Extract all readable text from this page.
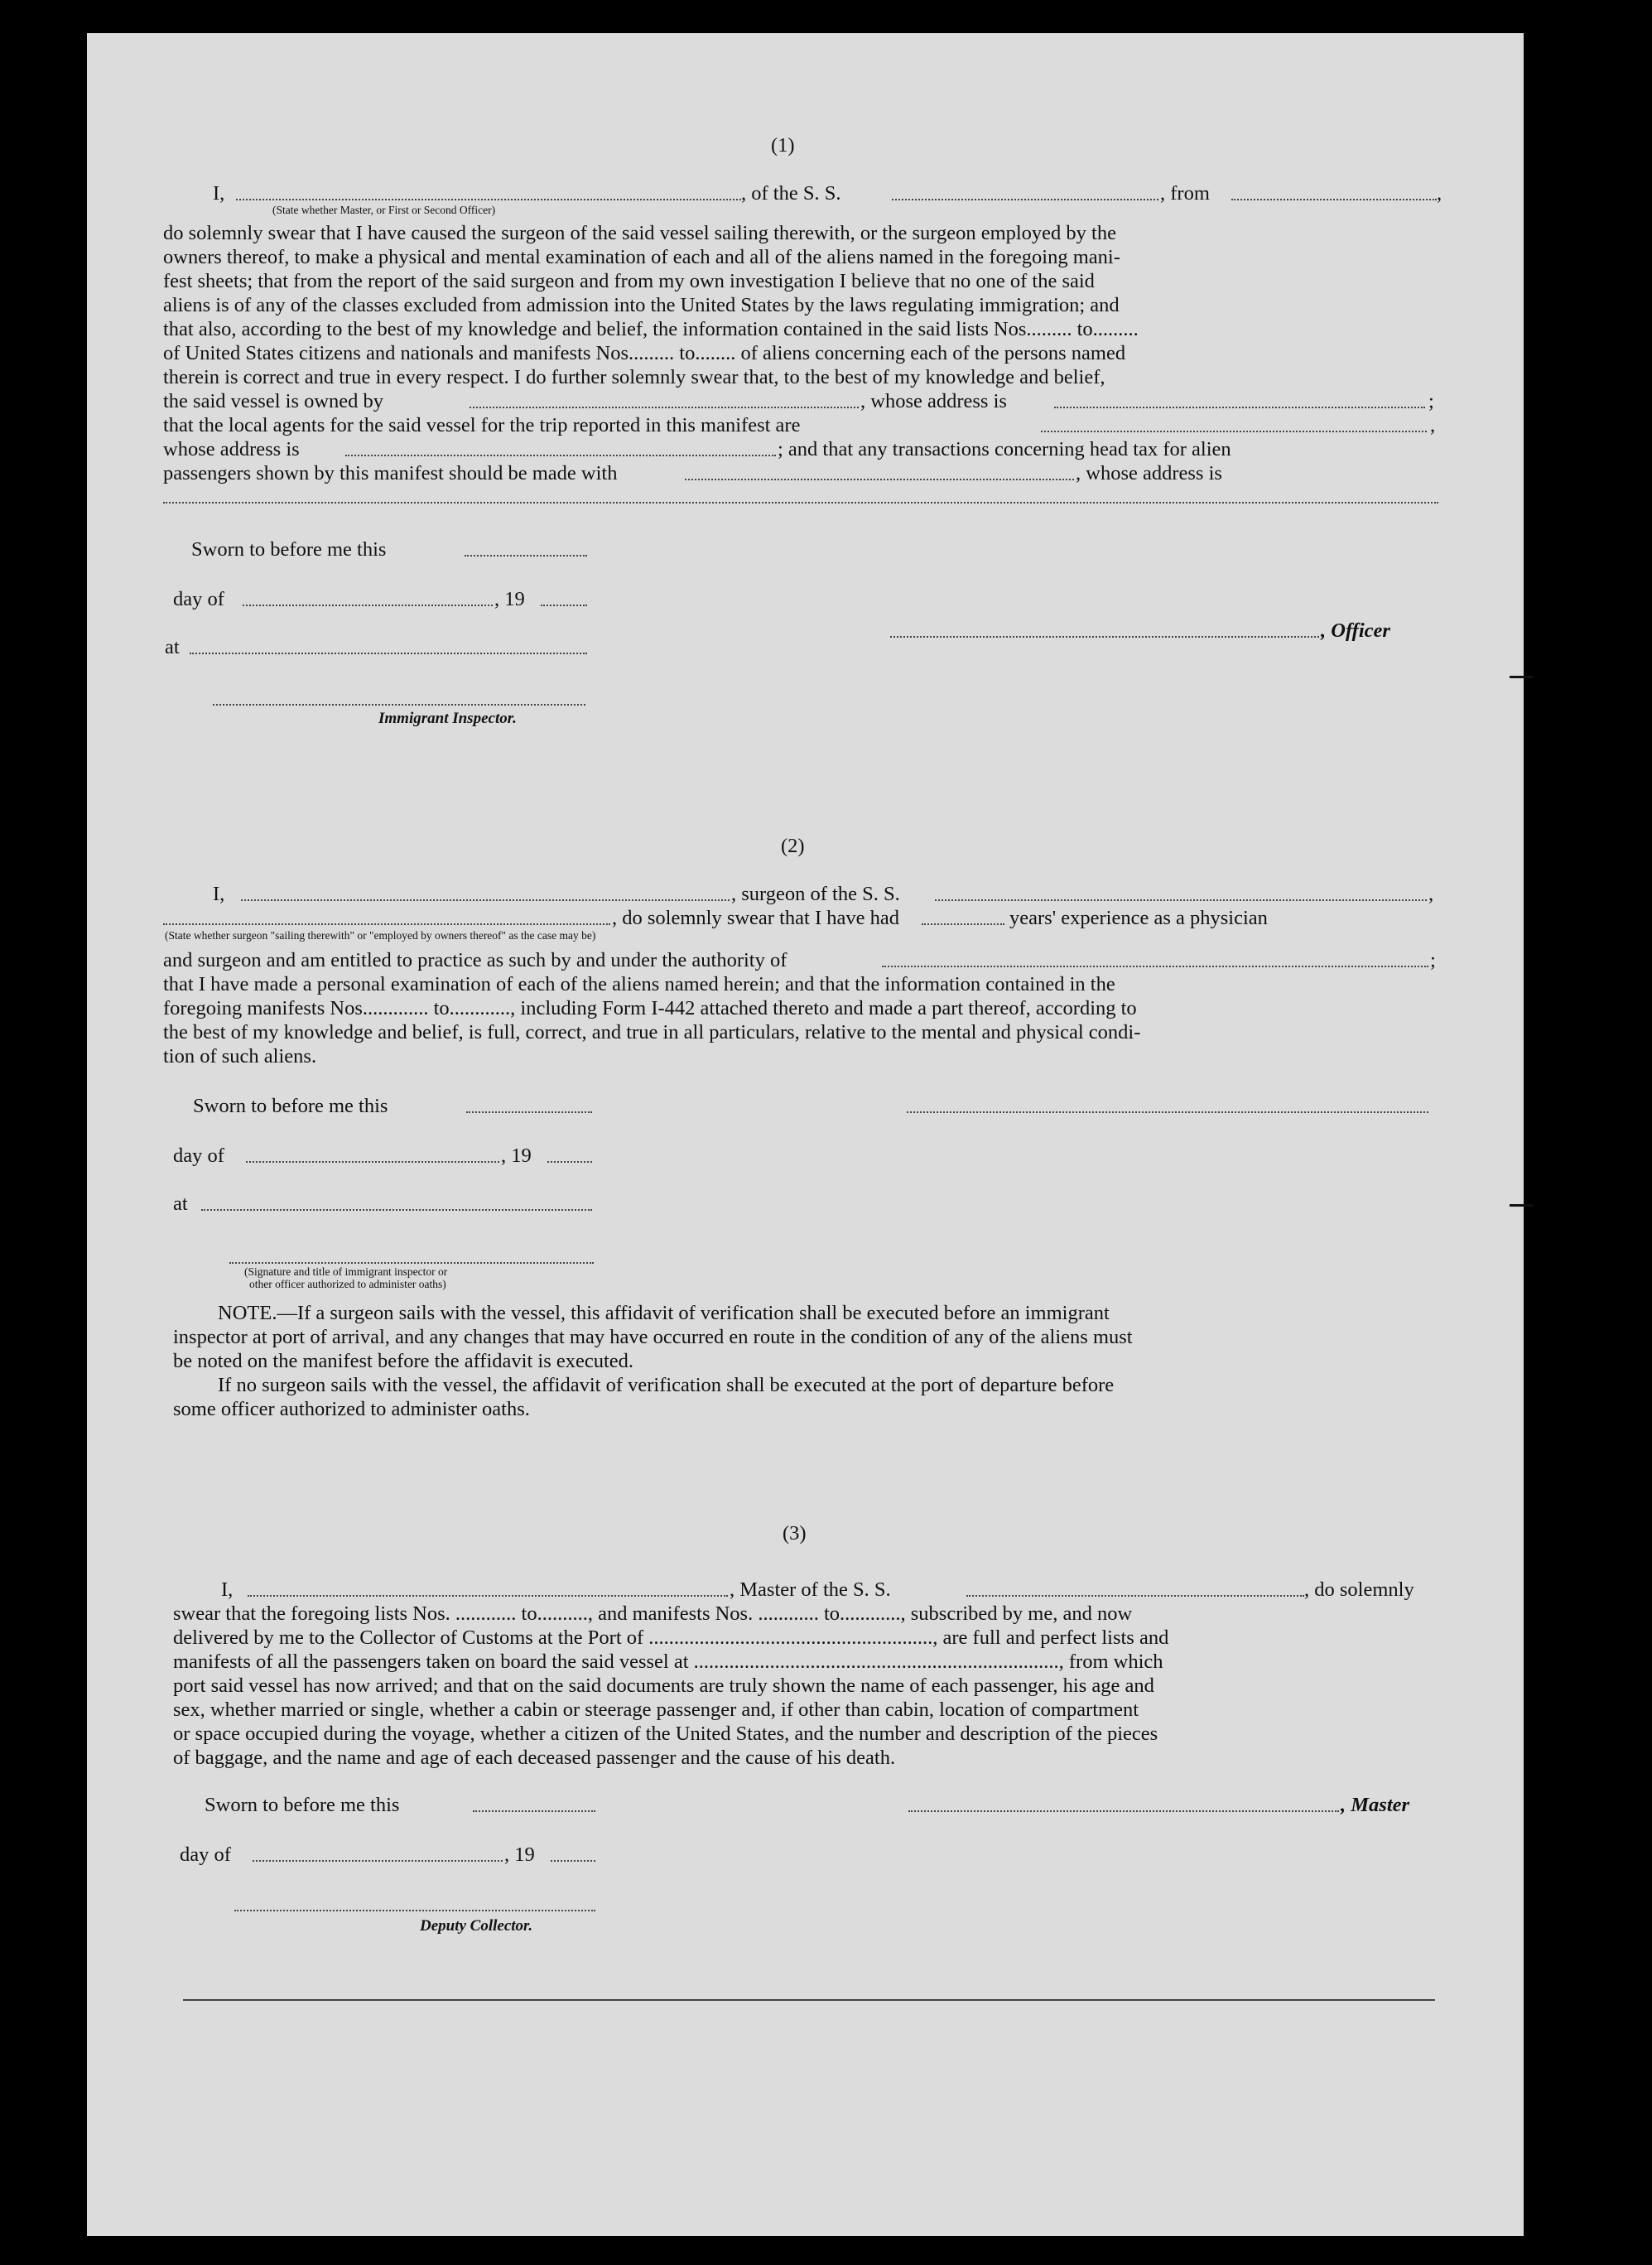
(1)
I,	, of the S. S.	, from	,
(State whether Master, or First or Second Officer)
do solemnly swear that I have caused the surgeon of the said vessel sailing therewith, or the surgeon employed by the
owners thereof, to make a physical and mental examination of each and all of the aliens named in the foregoing mani-
fest sheets; that from the report of the said surgeon and from my own investigation I believe that no one of the said
aliens is of any of the classes excluded from admission into the United States by the laws regulating immigration; and
that also, according to the best of my knowledge and belief, the information contained in the said lists Nos......... to.........
of United States citizens and nationals and manifests Nos......... to........ of aliens concerning each of the persons named
therein is correct and true in every respect. I do further solemnly swear that, to the best of my knowledge and belief,
the said vessel is owned by	, whose address is	;
that the local agents for the said vessel for the trip reported in this manifest are	,
whose address is	; and that any transactions concerning head tax for alien
passengers shown by this manifest should be made with	, whose address is
Sworn to before me this
day of	, 19
at
, Officer
Immigrant Inspector.
(2)
I,	, surgeon of the S. S.	,
, do solemnly swear that I have had	years' experience as a physician
(State whether surgeon "sailing therewith" or "employed by owners thereof" as the case may be)
and surgeon and am entitled to practice as such by and under the authority of	;
that I have made a personal examination of each of the aliens named herein; and that the information contained in the
foregoing manifests Nos............. to............, including Form I-442 attached thereto and made a part thereof, according to
the best of my knowledge and belief, is full, correct, and true in all particulars, relative to the mental and physical condi-
tion of such aliens.
Sworn to before me this
day of	, 19
at
(Signature and title of immigrant inspector or
other officer authorized to administer oaths)
NOTE.—If a surgeon sails with the vessel, this affidavit of verification shall be executed before an immigrant
inspector at port of arrival, and any changes that may have occurred en route in the condition of any of the aliens must
be noted on the manifest before the affidavit is executed.
If no surgeon sails with the vessel, the affidavit of verification shall be executed at the port of departure before
some officer authorized to administer oaths.
(3)
I,	, Master of the S. S.	, do solemnly
swear that the foregoing lists Nos. ............ to.........., and manifests Nos. ............ to............, subscribed by me, and now
delivered by me to the Collector of Customs at the Port of ........................................................, are full and perfect lists and
manifests of all the passengers taken on board the said vessel at ........................................................................, from which
port said vessel has now arrived; and that on the said documents are truly shown the name of each passenger, his age and
sex, whether married or single, whether a cabin or steerage passenger and, if other than cabin, location of compartment
or space occupied during the voyage, whether a citizen of the United States, and the number and description of the pieces
of baggage, and the name and age of each deceased passenger and the cause of his death.
Sworn to before me this	, Master
day of	, 19
Deputy Collector.
